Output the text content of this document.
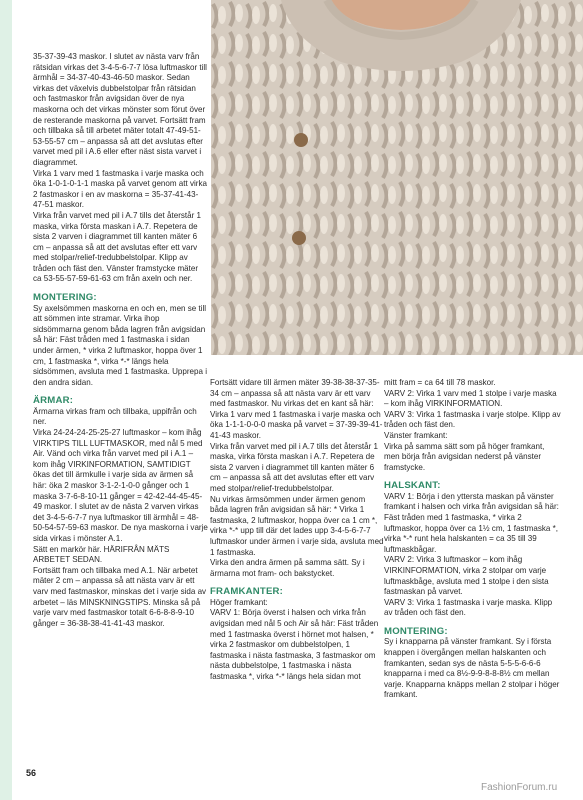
35-37-39-43 maskor. I slutet av nästa varv från rätsidan virkas det 3-4-5-6-7-7 lösa luftmaskor till ärmhål = 34-37-40-43-46-50 maskor. Sedan virkas det växelvis dubbelstolpar från rätsidan och fastmaskor från avigsidan över de nya maskorna och det virkas mönster som förut över de resterande maskorna på varvet. Fortsätt fram och tillbaka så till arbetet mäter totalt 47-49-51-53-55-57 cm – anpassa så att det avslutas efter varvet med pil i A.6 eller efter näst sista varvet i diagrammet.

Virka 1 varv med 1 fastmaska i varje maska och öka 1-0-1-0-1-1 maska på varvet genom att virka 2 fastmaskor i en av maskorna = 35-37-41-43-47-51 maskor.

Virka från varvet med pil i A.7 tills det återstår 1 maska, virka första maskan i A.7. Repetera de sista 2 varven i diagrammet till kanten mäter 6 cm – anpassa så att det avslutas efter ett varv med stolpar/relief-tredubbelstolpar. Klipp av tråden och fäst den. Vänster framstycke mäter ca 53-55-57-59-61-63 cm från axeln och ner.

MONTERING:

Sy axelsömmen maskorna en och en, men se till att sömmen inte stramar. Virka ihop sidsömmarna genom båda lagren från avigsidan så här: Fäst tråden med 1 fastmaska i sidan under ärmen, * virka 2 luftmaskor, hoppa över 1 cm, 1 fastmaska *, virka *-* längs hela sidsömmen, avsluta med 1 fastmaska. Upprepa i den andra sidan.

ÄRMAR:

Ärmarna virkas fram och tillbaka, uppifrån och ner.

Virka 24-24-24-25-25-27 luftmaskor – kom ihåg VIRKTIPS TILL LUFTMASKOR, med nål 5 med Air. Vänd och virka från varvet med pil i A.1 – kom ihåg VIRKINFORMATION, SAMTIDIGT ökas det till ärmkulle i varje sida av ärmen så här: öka 2 maskor 3-1-2-1-0-0 gånger och 1 maska 3-7-6-8-10-11 gånger = 42-42-44-45-45-49 maskor. I slutet av de nästa 2 varven virkas det 3-4-5-6-7-7 nya luftmaskor till ärmhål = 48-50-54-57-59-63 maskor. De nya maskorna i varje sida virkas i mönster A.1.

Sätt en markör här. HÄRIFRÅN MÄTS ARBETET SEDAN.

Fortsätt fram och tillbaka med A.1. När arbetet mäter 2 cm – anpassa så att nästa varv är ett varv med fastmaskor, minskas det i varje sida av arbetet – läs MINSKNINGSTIPS. Minska så på varje varv med fastmaskor totalt 6-6-8-8-9-10 gånger = 36-38-38-41-41-43 maskor.

Fortsätt vidare till ärmen mäter 39-38-38-37-35-34 cm – anpassa så att nästa varv är ett varv med fastmaskor. Nu virkas det en kant så här:

Virka 1 varv med 1 fastmaska i varje maska och öka 1-1-1-0-0-0 maska på varvet = 37-39-39-41-41-43 maskor.

Virka från varvet med pil i A.7 tills det återstår 1 maska, virka första maskan i A.7. Repetera de sista 2 varven i diagrammet till kanten mäter 6 cm – anpassa så att det avslutas efter ett varv med stolpar/relief-tredubbelstolpar.

Nu virkas ärmsömmen under ärmen genom båda lagren från avigsidan så här: * Virka 1 fastmaska, 2 luftmaskor, hoppa över ca 1 cm *, virka *-* upp till där det lades upp 3-4-5-6-7-7 luftmaskor under ärmen i varje sida, avsluta med 1 fastmaska.

Virka den andra ärmen på samma sätt. Sy i ärmarna mot fram- och bakstycket.

FRAMKANTER:

Höger framkant:
VARV 1: Börja överst i halsen och virka från avigsidan med nål 5 och Air så här: Fäst tråden med 1 fastmaska överst i hörnet mot halsen, * virka 2 fastmaskor om dubbelstolpen, 1 fastmaska i nästa fastmaska, 3 fastmaskor om nästa dubbelstolpe, 1 fastmaska i nästa fastmaska *, virka *-* längs hela sidan mot

mitt fram = ca 64 till 78 maskor.

VARV 2: Virka 1 varv med 1 stolpe i varje maska – kom ihåg VIRKINFORMATION.

VARV 3: Virka 1 fastmaska i varje stolpe. Klipp av tråden och fäst den.

Vänster framkant:

Virka på samma sätt som på höger framkant, men börja från avigsidan nederst på vänster framstycke.

HALSKANT:

VARV 1: Börja i den yttersta maskan på vänster framkant i halsen och virka från avigsidan så här: Fäst tråden med 1 fastmaska, * virka 2 luftmaskor, hoppa över ca 1½ cm, 1 fastmaska *, virka *-* runt hela halskanten = ca 35 till 39 luftmaskbågar.

VARV 2: Virka 3 luftmaskor – kom ihåg VIRKINFORMATION, virka 2 stolpar om varje luftmaskbåge, avsluta med 1 stolpe i den sista fastmaskan på varvet.

VARV 3: Virka 1 fastmaska i varje maska. Klipp av tråden och fäst den.

MONTERING:

Sy i knapparna på vänster framkant. Sy i första knappen i övergången mellan halskanten och framkanten, sedan sys de nästa 5-5-5-6-6-6 knapparna i med ca 8½-9-9-8-8-8½ cm mellan varje. Knapparna knäpps mellan 2 stolpar i höger framkant.

56
FashionForum.ru
